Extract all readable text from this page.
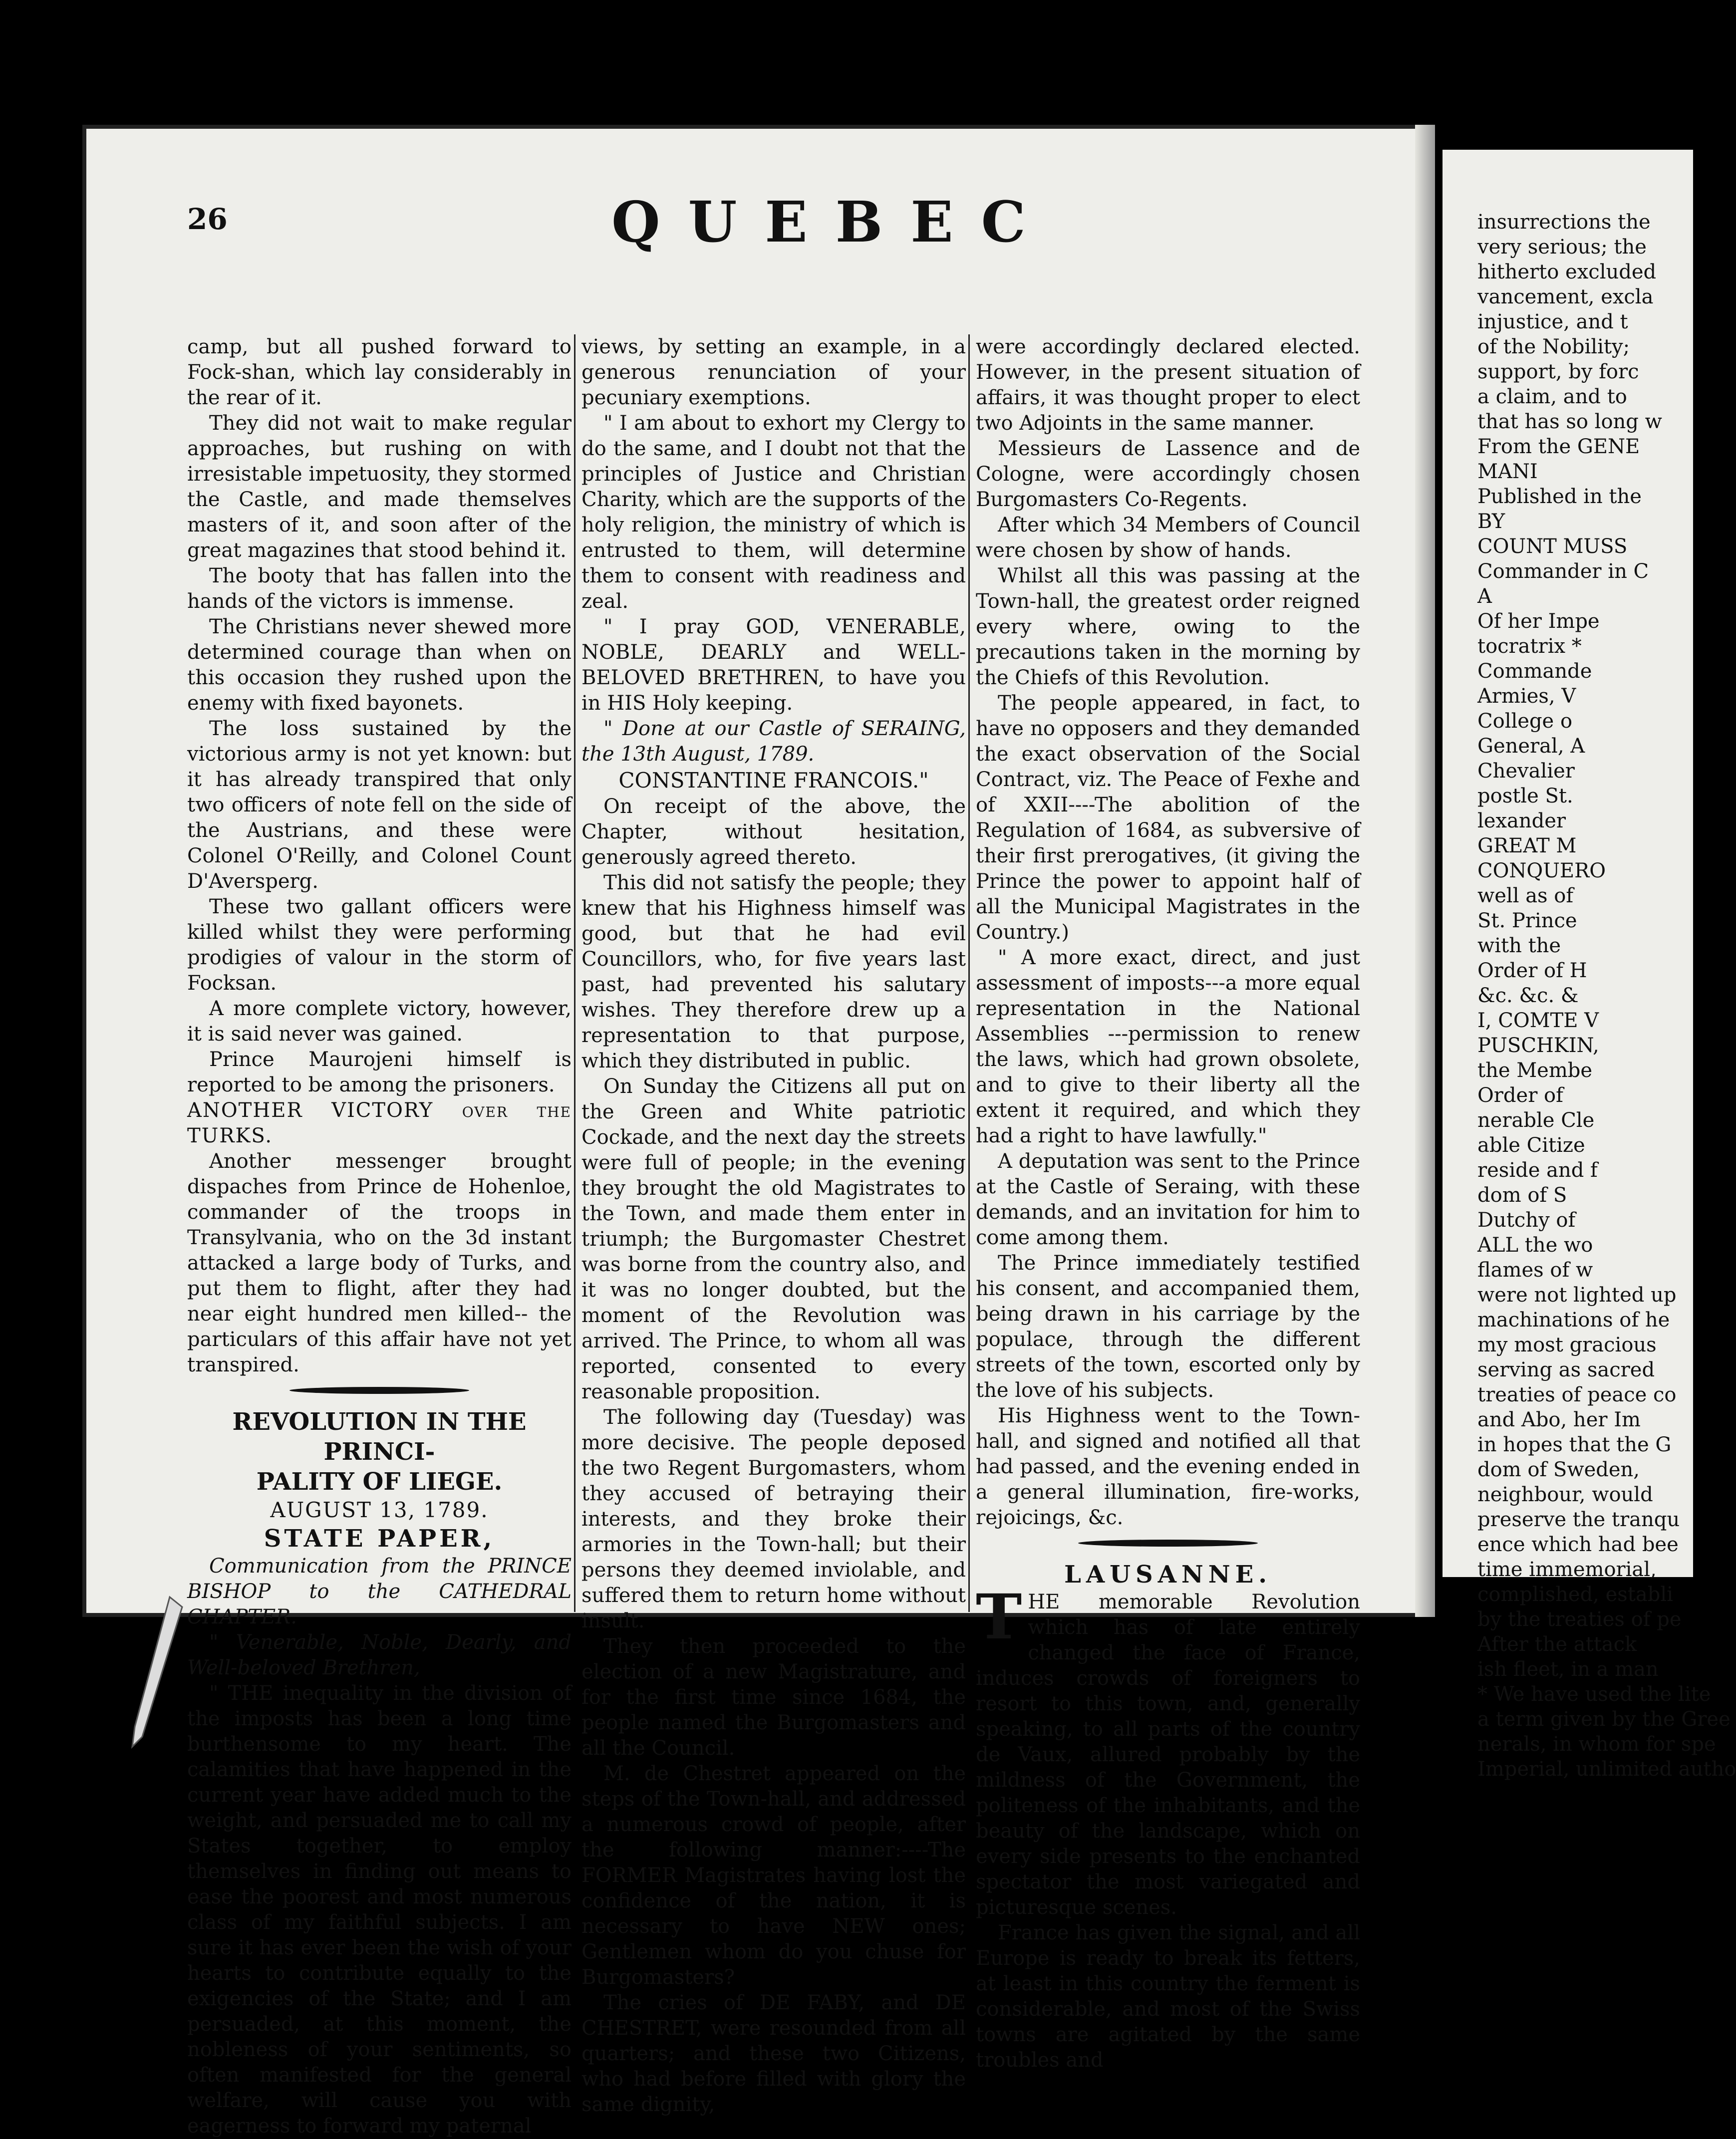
26	QUEBEC

camp, but all pushed forward to Fock-shan, which lay considerably in the rear of it.

They did not wait to make regular approaches, but rushing on with irresistable impetuosity, they stormed the Castle, and made themselves masters of it, and soon after of the great magazines that stood behind it.

The booty that has fallen into the hands of the victors is immense.

The Christians never shewed more determined courage than when on this occasion they rushed upon the enemy with fixed bayonets.

The loss sustained by the victorious army is not yet known: but it has already transpired that only two officers of note fell on the side of the Austrians, and these were Colonel O'Reilly, and Colonel Count D'Aversperg.

These two gallant officers were killed whilst they were performing prodigies of valour in the storm of Focksan.

A more complete victory, however, it is said never was gained.

Prince Maurojeni himself is reported to be among the prisoners.

ANOTHER VICTORY over the TURKS.

Another messenger brought dispaches from Prince de Hohenloe, commander of the troops in Transylvania, who on the 3d instant attacked a large body of Turks, and put them to flight, after they had near eight hundred men killed-- the particulars of this affair have not yet transpired.

REVOLUTION IN THE PRINCI-

PALITY OF LIEGE.

AUGUST 13, 1789.

STATE PAPER,

Communication from the PRINCE BISHOP to the CATHEDRAL CHAPTER.

" Venerable, Noble, Dearly, and Well-beloved Brethren,

" THE inequality in the division of the imposts has been a long time burthensome to my heart. The calamities that have happened in the current year have added much to the weight, and persuaded me to call my States together, to employ themselves in finding out means to ease the poorest and most numerous class of my faithful subjects. I am sure it has ever been the wish of your hearts to contribute equally to the exigencies of the State; and I am persuaded, at this moment, the nobleness of your sentiments, so often manifested for the general welfare, will cause you with eagerness to forward my paternal

views, by setting an example, in a generous renunciation of your pecuniary exemptions.

" I am about to exhort my Clergy to do the same, and I doubt not that the principles of Justice and Christian Charity, which are the supports of the holy religion, the ministry of which is entrusted to them, will determine them to consent with readiness and zeal.

" I pray GOD, VENERABLE, NOBLE, DEARLY and WELL-BELOVED BRETHREN, to have you in HIS Holy keeping.

" Done at our Castle of SERAING, the 13th August, 1789.

CONSTANTINE FRANCOIS."

On receipt of the above, the Chapter, without hesitation, generously agreed thereto.

This did not satisfy the people; they knew that his Highness himself was good, but that he had evil Councillors, who, for five years last past, had prevented his salutary wishes. They therefore drew up a representation to that purpose, which they distributed in public.

On Sunday the Citizens all put on the Green and White patriotic Cockade, and the next day the streets were full of people; in the evening they brought the old Magistrates to the Town, and made them enter in triumph; the Burgomaster Chestret was borne from the country also, and it was no longer doubted, but the moment of the Revolution was arrived. The Prince, to whom all was reported, consented to every reasonable proposition.

The following day (Tuesday) was more decisive. The people deposed the two Regent Burgomasters, whom they accused of betraying their interests, and they broke their armories in the Town-hall; but their persons they deemed inviolable, and suffered them to return home without insult.

They then proceeded to the election of a new Magistrature, and for the first time since 1684, the people named the Burgomasters and all the Council.

M. de Chestret appeared on the steps of the Town-hall, and addressed a numerous crowd of people, after the following manner:----The FORMER Magistrates having lost the confidence of the nation, it is necessary to have NEW ones; Gentlemen whom do you chuse for Burgomasters?

The cries of DE FABY, and DE CHESTRET, were resounded from all quarters; and these two Citizens, who had before filled with glory the same dignity,

were accordingly declared elected. However, in the present situation of affairs, it was thought proper to elect two Adjoints in the same manner.

Messieurs de Lassence and de Cologne, were accordingly chosen Burgomasters Co-Regents.

After which 34 Members of Council were chosen by show of hands.

Whilst all this was passing at the Town-hall, the greatest order reigned every where, owing to the precautions taken in the morning by the Chiefs of this Revolution.

The people appeared, in fact, to have no opposers and they demanded the exact observation of the Social Contract, viz. The Peace of Fexhe and of XXII----The abolition of the Regulation of 1684, as subversive of their first prerogatives, (it giving the Prince the power to appoint half of all the Municipal Magistrates in the Country.)

" A more exact, direct, and just assessment of imposts---a more equal representation in the National Assemblies ---permission to renew the laws, which had grown obsolete, and to give to their liberty all the extent it required, and which they had a right to have lawfully."

A deputation was sent to the Prince at the Castle of Seraing, with these demands, and an invitation for him to come among them.

The Prince immediately testified his consent, and accompanied them, being drawn in his carriage by the populace, through the different streets of the town, escorted only by the love of his subjects.

His Highness went to the Town-hall, and signed and notified all that had passed, and the evening ended in a general illumination, fire-works, rejoicings, &c.

LAUSANNE.

THE memorable Revolution which has of late entirely changed the face of France, induces crowds of foreigners to resort to this town, and, generally speaking, to all parts of the country de Vaux, allured probably by the mildness of the Government, the politeness of the inhabitants, and the beauty of the landscape, which on every side presents to the enchanted spectator the most variegated and picturesque scenes.

France has given the signal, and all Europe is ready to break its fetters, at least in this country the ferment is considerable, and most of the Swiss towns are agitated by the same troubles and

insurrections the

very serious; the

hitherto excluded

vancement, excla

injustice, and t

of the Nobility;

support, by forc

a claim, and to

that has so long w

From the GENE

MANI

Published in the

BY

COUNT MUSS

Commander in C

A

Of her Impe

tocratrix *

Commande

Armies, V

College o

General, A

Chevalier

postle St.

lexander

GREAT M

CONQUERO

well as of

St. Prince

with the

Order of H

&c. &c. &

I, COMTE V

PUSCHKIN,

the Membe

Order of

nerable Cle

able Citize

reside and f

dom of S

Dutchy of

ALL the wo

flames of w

were not lighted up

machinations of he

my most gracious

serving as sacred

treaties of peace co

and Abo, her Im

in hopes that the G

dom of Sweden,

neighbour, would

preserve the tranqu

ence which had bee

time immemorial,

complished, establi

by the treaties of pe

After the attack

ish fleet, in a man

* We have used the lite

a term given by the Gree

nerals, in whom for spe

Imperial, unlimited autho
